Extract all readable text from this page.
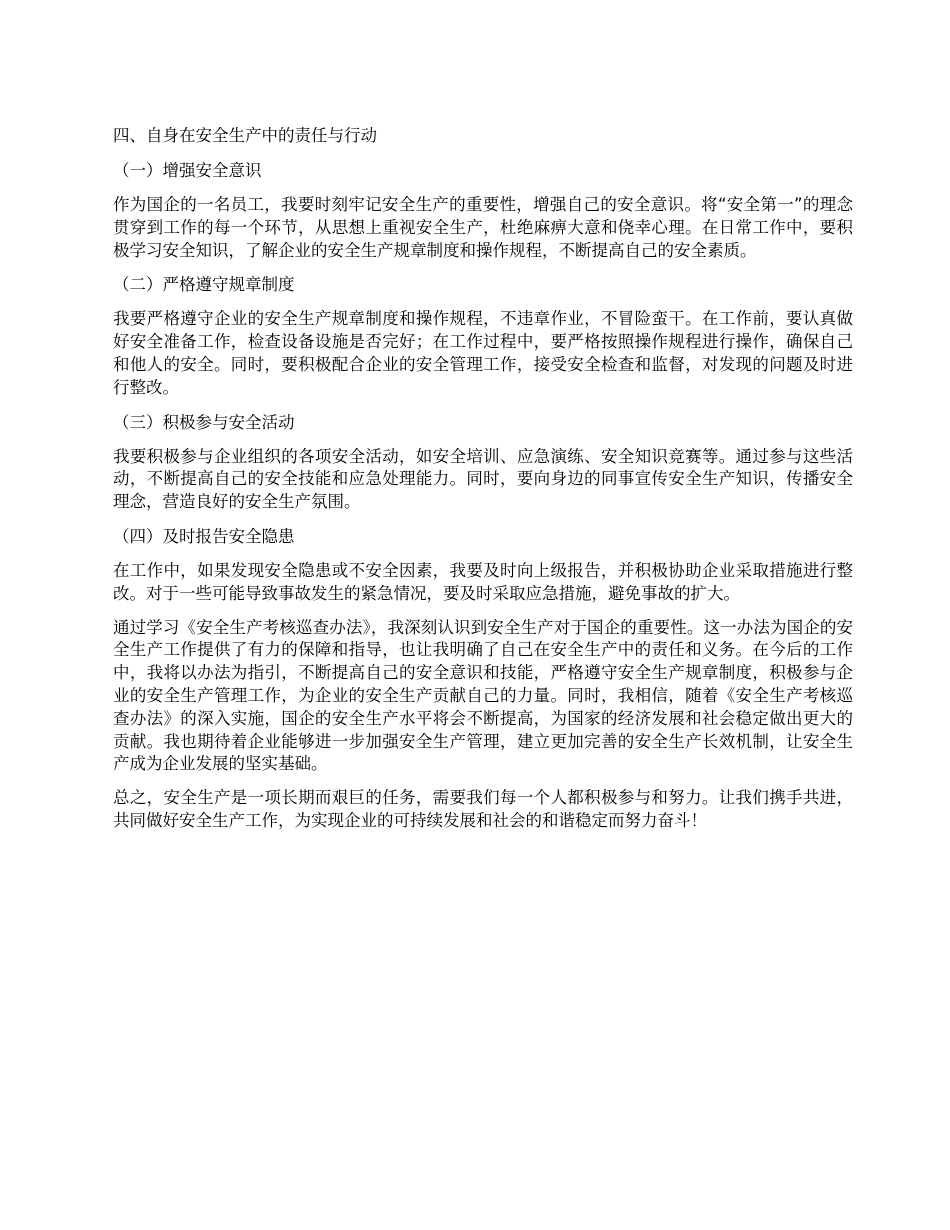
四、自身在安全生产中的责任与行动
（一）增强安全意识
作为国企的一名员工，我要时刻牢记安全生产的重要性，增强自己的安全意识。将“安全第一”的理念贯穿到工作的每一个环节，从思想上重视安全生产，杜绝麻痹大意和侥幸心理。在日常工作中，要积极学习安全知识，了解企业的安全生产规章制度和操作规程，不断提高自己的安全素质。
（二）严格遵守规章制度
我要严格遵守企业的安全生产规章制度和操作规程，不违章作业，不冒险蛮干。在工作前，要认真做好安全准备工作，检查设备设施是否完好；在工作过程中，要严格按照操作规程进行操作，确保自己和他人的安全。同时，要积极配合企业的安全管理工作，接受安全检查和监督，对发现的问题及时进行整改。
（三）积极参与安全活动
我要积极参与企业组织的各项安全活动，如安全培训、应急演练、安全知识竞赛等。通过参与这些活动，不断提高自己的安全技能和应急处理能力。同时，要向身边的同事宣传安全生产知识，传播安全理念，营造良好的安全生产氛围。
（四）及时报告安全隐患
在工作中，如果发现安全隐患或不安全因素，我要及时向上级报告，并积极协助企业采取措施进行整改。对于一些可能导致事故发生的紧急情况，要及时采取应急措施，避免事故的扩大。
通过学习《安全生产考核巡查办法》，我深刻认识到安全生产对于国企的重要性。这一办法为国企的安全生产工作提供了有力的保障和指导，也让我明确了自己在安全生产中的责任和义务。在今后的工作中，我将以办法为指引，不断提高自己的安全意识和技能，严格遵守安全生产规章制度，积极参与企业的安全生产管理工作，为企业的安全生产贡献自己的力量。同时，我相信，随着《安全生产考核巡查办法》的深入实施，国企的安全生产水平将会不断提高，为国家的经济发展和社会稳定做出更大的贡献。我也期待着企业能够进一步加强安全生产管理，建立更加完善的安全生产长效机制，让安全生产成为企业发展的坚实基础。
总之，安全生产是一项长期而艰巨的任务，需要我们每一个人都积极参与和努力。让我们携手共进，共同做好安全生产工作，为实现企业的可持续发展和社会的和谐稳定而努力奋斗！
